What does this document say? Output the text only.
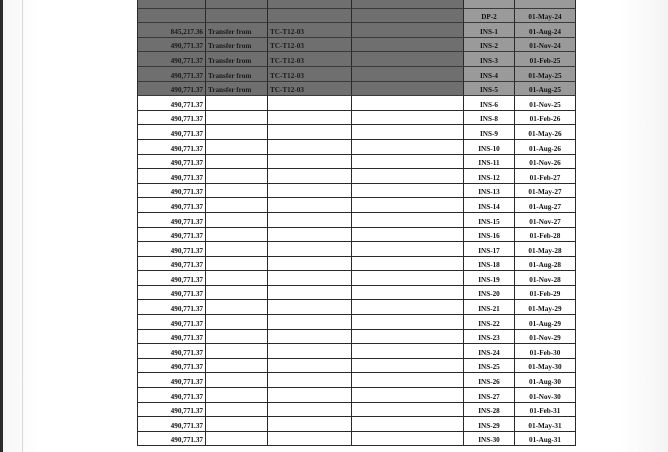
DP-2	01-May-24
845,217.36 Transfer from	TC-T12-03	INS-1	01-Aug-24
490,771.37 Transfer from	TC-T12-03	INS-2	01-Nov-24
490,771.37 Transfer from	TC-T12-03	INS-3	01-Feb-25
490,771.37 Transfer from	TC-T12-03	INS-4	01-May-25
490,771.37 Transfer from	TC-T12-03	INS-5	01-Aug-25
490,771.37	INS-6	01-Nov-25
490,771.37	INS-8	01-Feb-26
490,771.37	INS-9	01-May-26
490,771.37	INS-10	01-Aug-26
490,771.37	INS-11	01-Nov-26
490,771.37	INS-12	01-Feb-27
490,771.37	INS-13	01-May-27
490,771.37	INS-14	01-Aug-27
490,771.37	INS-15	01-Nov-27
490,771.37	INS-16	01-Feb-28
490,771.37	INS-17	01-May-28
490,771.37	INS-18	01-Aug-28
490,771.37	INS-19	01-Nov-28
490,771.37	INS-20	01-Feb-29
490,771.37	INS-21	01-May-29
490,771.37	INS-22	01-Aug-29
490,771.37	INS-23	01-Nov-29
490,771.37	INS-24	01-Feb-30
490,771.37	INS-25	01-May-30
490,771.37	INS-26	01-Aug-30
490,771.37	INS-27	01-Nov-30
490,771.37	INS-28	01-Feb-31
490,771.37	INS-29	01-May-31
490,771.37	INS-30	01-Aug-31
